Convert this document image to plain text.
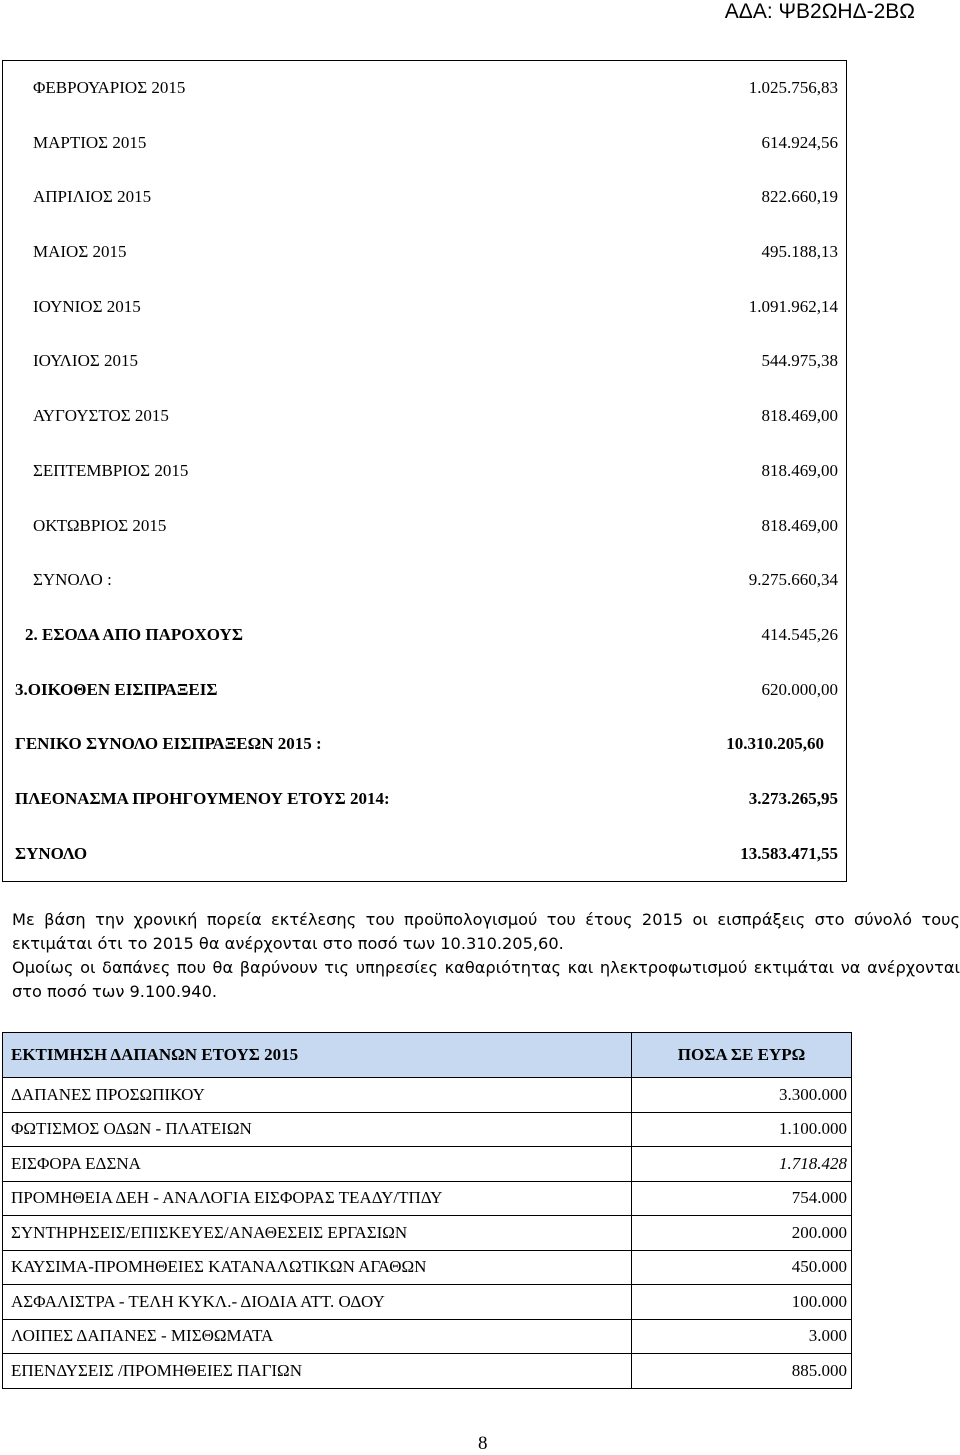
ΑΔΑ: ΨΒ2ΩΗΔ-2ΒΩ
ΦΕΒΡΟΥΑΡΙΟΣ 2015	1.025.756,83
ΜΑΡΤΙΟΣ 2015	614.924,56
ΑΠΡΙΛΙΟΣ 2015	822.660,19
ΜΑΙΟΣ 2015	495.188,13
ΙΟΥΝΙΟΣ 2015	1.091.962,14
ΙΟΥΛΙΟΣ 2015	544.975,38
ΑΥΓΟΥΣΤΟΣ 2015	818.469,00
ΣΕΠΤΕΜΒΡΙΟΣ 2015	818.469,00
ΟΚΤΩΒΡΙΟΣ 2015	818.469,00
ΣΥΝΟΛΟ :	9.275.660,34
2. ΕΣΟΔΑ ΑΠΟ ΠΑΡΟΧΟΥΣ	414.545,26
3.ΟΙΚΟΘΕΝ ΕΙΣΠΡΑΞΕΙΣ	620.000,00
ΓΕΝΙΚΟ ΣΥΝΟΛΟ ΕΙΣΠΡΑΞΕΩΝ 2015 :	10.310.205,60
ΠΛΕΟΝΑΣΜΑ ΠΡΟΗΓΟΥΜΕΝΟΥ ΕΤΟΥΣ 2014:	3.273.265,95
ΣΥΝΟΛΟ	13.583.471,55

Με βάση την χρονική πορεία εκτέλεσης του προϋπολογισμού του έτους 2015 οι εισπράξεις στο σύνολό τους εκτιμάται ότι το 2015 θα ανέρχονται στο ποσό των 10.310.205,60.

Ομοίως οι δαπάνες που θα βαρύνουν τις υπηρεσίες καθαριότητας και ηλεκτροφωτισμού εκτιμάται να ανέρχονται στο ποσό των 9.100.940.

ΕΚΤΙΜΗΣΗ ΔΑΠΑΝΩΝ ΕΤΟΥΣ 2015	ΠΟΣΑ ΣΕ ΕΥΡΩ
ΔΑΠΑΝΕΣ ΠΡΟΣΩΠΙΚΟΥ	3.300.000
ΦΩΤΙΣΜΟΣ ΟΔΩΝ - ΠΛΑΤΕΙΩΝ	1.100.000
ΕΙΣΦΟΡΑ ΕΔΣΝΑ	1.718.428
ΠΡΟΜΗΘΕΙΑ ΔΕΗ - ΑΝΑΛΟΓΙΑ ΕΙΣΦΟΡΑΣ ΤΕΑΔΥ/ΤΠΔΥ	754.000
ΣΥΝΤΗΡΗΣΕΙΣ/ΕΠΙΣΚΕΥΕΣ/ΑΝΑΘΕΣΕΙΣ ΕΡΓΑΣΙΩΝ	200.000
ΚΑΥΣΙΜΑ-ΠΡΟΜΗΘΕΙΕΣ ΚΑΤΑΝΑΛΩΤΙΚΩΝ ΑΓΑΘΩΝ	450.000
ΑΣΦΑΛΙΣΤΡΑ - ΤΕΛΗ ΚΥΚΛ.- ΔΙΟΔΙΑ ΑΤΤ. ΟΔΟΥ	100.000
ΛΟΙΠΕΣ ΔΑΠΑΝΕΣ - ΜΙΣΘΩΜΑΤΑ	3.000
ΕΠΕΝΔΥΣΕΙΣ /ΠΡΟΜΗΘΕΙΕΣ ΠΑΓΙΩΝ	885.000
8
